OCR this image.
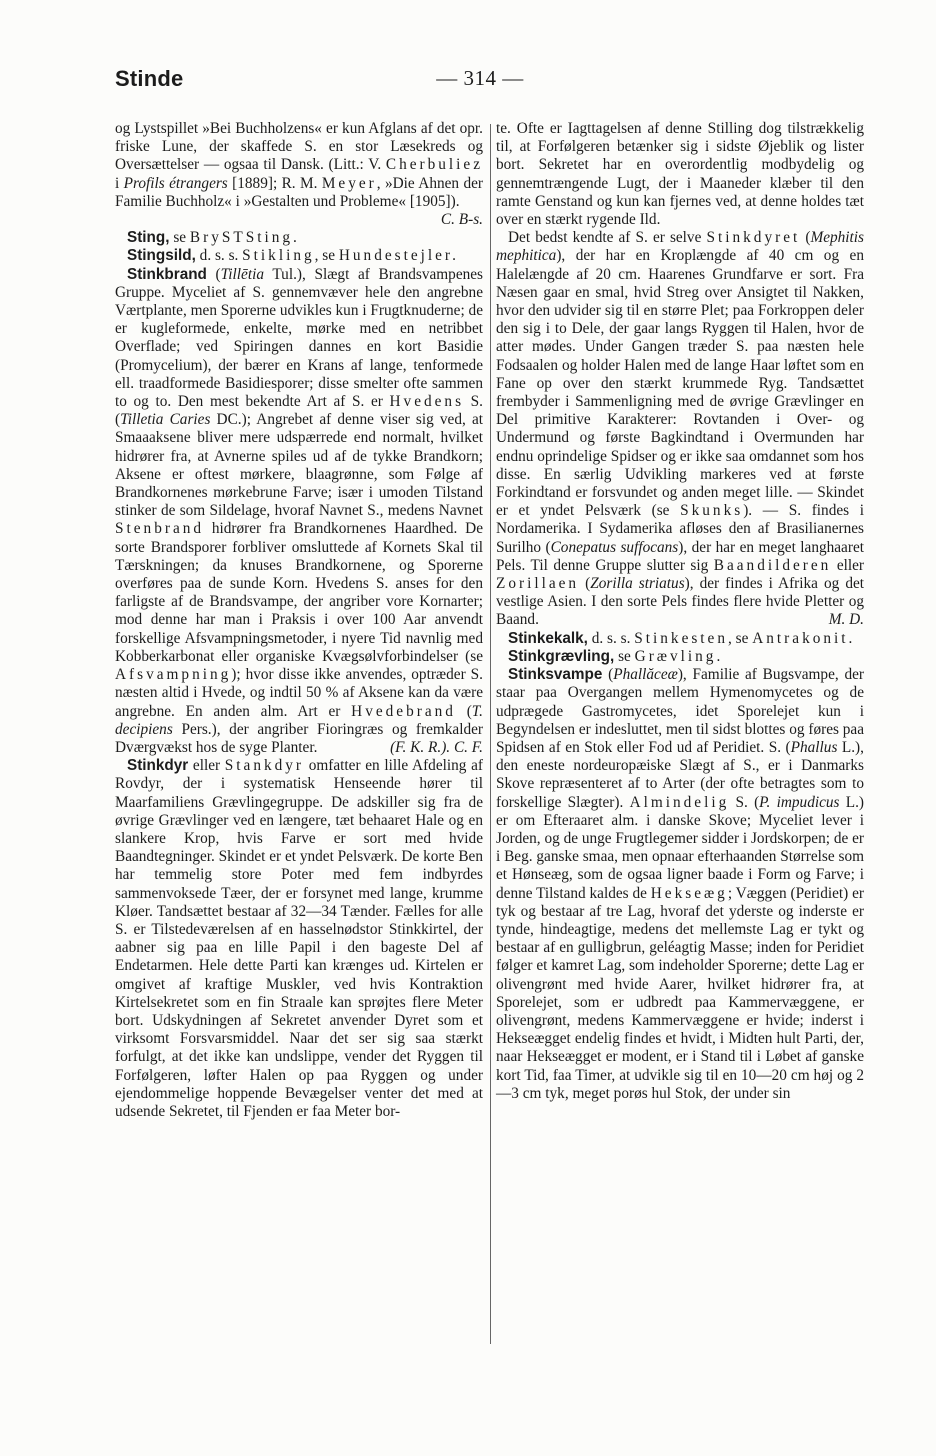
Stinde	— 314 —

og Lystspillet »Bei Buchholzens« er kun Afglans af det opr. friske Lune, der skaffede S. en stor Læsekreds og Oversættelser — ogsaa til Dansk. (Litt.: V. Cherbuliez i Profils étrangers [1889]; R. M. Meyer, »Die Ahnen der Familie Buchholz« i »Gestalten und Probleme« [1905]).
C. B-s.

Sting, se BrySTSting.

Stingsild, d. s. s. Stikling, se Hundestejler.

Stinkbrand (Tillētia Tul.), Slægt af Brandsvampenes Gruppe. Myceliet af S. gennemvæver hele den angrebne Værtplante, men Sporerne udvikles kun i Frugtknuderne; de er kugleformede, enkelte, mørke med en netribbet Overflade; ved Spiringen dannes en kort Basidie (Promycelium), der bærer en Krans af lange, tenformede ell. traadformede Basidiesporer; disse smelter ofte sammen to og to. Den mest bekendte Art af S. er Hvedens S. (Tilletia Caries DC.); Angrebet af denne viser sig ved, at Smaaaksene bliver mere udspærrede end normalt, hvilket hidrører fra, at Avnerne spiles ud af de tykke Brandkorn; Aksene er oftest mørkere, blaagrønne, som Følge af Brandkornenes mørkebrune Farve; især i umoden Tilstand stinker de som Sildelage, hvoraf Navnet S., medens Navnet Stenbrand hidrører fra Brandkornenes Haardhed. De sorte Brandsporer forbliver omsluttede af Kornets Skal til Tærskningen; da knuses Brandkornene, og Sporerne overføres paa de sunde Korn. Hvedens S. anses for den farligste af de Brandsvampe, der angriber vore Kornarter; mod denne har man i Praksis i over 100 Aar anvendt forskellige Afsvampningsmetoder, i nyere Tid navnlig med Kobberkarbonat eller organiske Kvægsølvforbindelser (se Afsvampning); hvor disse ikke anvendes, optræder S. næsten altid i Hvede, og indtil 50 % af Aksene kan da være angrebne. En anden alm. Art er Hvedebrand (T. decipiens Pers.), der angriber Fioringræs og fremkalder Dværgvækst hos de syge Planter.	(F. K. R.). C. F.

Stinkdyr eller Stankdyr omfatter en lille Afdeling af Rovdyr, der i systematisk Henseende hører til Maarfamiliens Grævlingegruppe. De adskiller sig fra de øvrige Grævlinger ved en længere, tæt behaaret Hale og en slankere Krop, hvis Farve er sort med hvide Baandtegninger. Skindet er et yndet Pelsværk. De korte Ben har temmelig store Poter med fem indbyrdes sammenvoksede Tæer, der er forsynet med lange, krumme Kløer. Tandsættet bestaar af 32—34 Tænder. Fælles for alle S. er Tilstedeværelsen af en hasselnødstor Stinkkirtel, der aabner sig paa en lille Papil i den bageste Del af Endetarmen. Hele dette Parti kan krænges ud. Kirtelen er omgivet af kraftige Muskler, ved hvis Kontraktion Kirtelsekretet som en fin Straale kan sprøjtes flere Meter bort. Udskydningen af Sekretet anvender Dyret som et virksomt Forsvarsmiddel. Naar det ser sig saa stærkt forfulgt, at det ikke kan undslippe, vender det Ryggen til Forfølgeren, løfter Halen op paa Ryggen og under ejendommelige hoppende Bevægelser venter det med at udsende Sekretet, til Fjenden er faa Meter bor-

te. Ofte er Iagttagelsen af denne Stilling dog tilstrækkelig til, at Forfølgeren betænker sig i sidste Øjeblik og lister bort. Sekretet har en overordentlig modbydelig og gennemtrængende Lugt, der i Maaneder klæber til den ramte Genstand og kun kan fjernes ved, at denne holdes tæt over en stærkt rygende Ild.

Det bedst kendte af S. er selve Stinkdyret (Mephitis mephitica), der har en Kroplængde af 40 cm og en Halelængde af 20 cm. Haarenes Grundfarve er sort. Fra Næsen gaar en smal, hvid Streg over Ansigtet til Nakken, hvor den udvider sig til en større Plet; paa Forkroppen deler den sig i to Dele, der gaar langs Ryggen til Halen, hvor de atter mødes. Under Gangen træder S. paa næsten hele Fodsaalen og holder Halen med de lange Haar løftet som en Fane op over den stærkt krummede Ryg. Tandsættet frembyder i Sammenligning med de øvrige Grævlinger en Del primitive Karakterer: Rovtanden i Over- og Undermund og første Bagkindtand i Overmunden har endnu oprindelige Spidser og er ikke saa omdannet som hos disse. En særlig Udvikling markeres ved at første Forkindtand er forsvundet og anden meget lille. — Skindet er et yndet Pelsværk (se Skunks). — S. findes i Nordamerika. I Sydamerika afløses den af Brasilianernes Surilho (Conepatus suffocans), der har en meget langhaaret Pels. Til denne Gruppe slutter sig Baandilderen eller Zorillaen (Zorilla striatus), der findes i Afrika og det vestlige Asien. I den sorte Pels findes flere hvide Pletter og Baand.	M. D.

Stinkekalk, d. s. s. Stinkesten, se Antrakonit.

Stinkgrævling, se Grævling.

Stinksvampe (Phallăceæ), Familie af Bugsvampe, der staar paa Overgangen mellem Hymenomycetes og de udprægede Gastromycetes, idet Sporelejet kun i Begyndelsen er indesluttet, men til sidst blottes og føres paa Spidsen af en Stok eller Fod ud af Peridiet. S. (Phallus L.), den eneste nordeuropæiske Slægt af S., er i Danmarks Skove repræsenteret af to Arter (der ofte betragtes som to forskellige Slægter). Almindelig S. (P. impudicus L.) er om Efteraaret alm. i danske Skove; Myceliet lever i Jorden, og de unge Frugtlegemer sidder i Jordskorpen; de er i Beg. ganske smaa, men opnaar efterhaanden Størrelse som et Hønseæg, som de ogsaa ligner baade i Form og Farve; i denne Tilstand kaldes de Hekseæg; Væggen (Peridiet) er tyk og bestaar af tre Lag, hvoraf det yderste og inderste er tynde, hindeagtige, medens det mellemste Lag er tykt og bestaar af en gulligbrun, geléagtig Masse; inden for Peridiet følger et kamret Lag, som indeholder Sporerne; dette Lag er olivengrønt med hvide Aarer, hvilket hidrører fra, at Sporelejet, som er udbredt paa Kammervæggene, er olivengrønt, medens Kammervæggene er hvide; inderst i Hekseægget endelig findes et hvidt, i Midten hult Parti, der, naar Hekseægget er modent, er i Stand til i Løbet af ganske kort Tid, faa Timer, at udvikle sig til en 10—20 cm høj og 2—3 cm tyk, meget porøs hul Stok, der under sin
